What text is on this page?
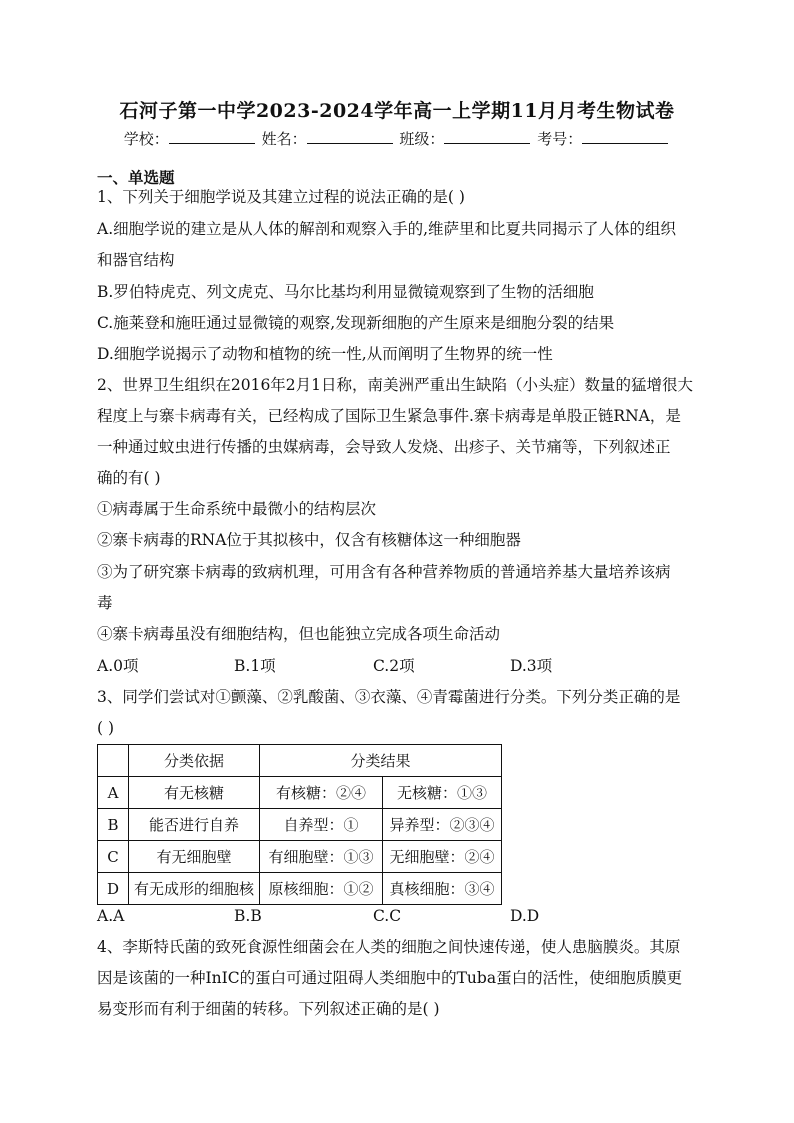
石河子第一中学2023-2024学年高一上学期11月月考生物试卷
学校：	姓名：	班级：	考号：
一、单选题
1、下列关于细胞学说及其建立过程的说法正确的是( )
A.细胞学说的建立是从人体的解剖和观察入手的,维萨里和比夏共同揭示了人体的组织
和器官结构
B.罗伯特虎克、列文虎克、马尔比基均利用显微镜观察到了生物的活细胞
C.施莱登和施旺通过显微镜的观察,发现新细胞的产生原来是细胞分裂的结果
D.细胞学说揭示了动物和植物的统一性,从而阐明了生物界的统一性
2、世界卫生组织在2016年2月1日称，南美洲严重出生缺陷（小头症）数量的猛增很大
程度上与寨卡病毒有关，已经构成了国际卫生紧急事件.寨卡病毒是单股正链RNA，是
一种通过蚊虫进行传播的虫媒病毒，会导致人发烧、出疹子、关节痛等，下列叙述正
确的有( )
①病毒属于生命系统中最微小的结构层次
②寨卡病毒的RNA位于其拟核中，仅含有核糖体这一种细胞器
③为了研究寨卡病毒的致病机理，可用含有各种营养物质的普通培养基大量培养该病
毒
④寨卡病毒虽没有细胞结构，但也能独立完成各项生命活动
A.0项	B.1项	C.2项	D.3项
3、同学们尝试对①颤藻、②乳酸菌、③衣藻、④青霉菌进行分类。下列分类正确的是
( )
	分类依据	分类结果	
A	有无核糖	有核糖：②④	无核糖：①③
B	能否进行自养	自养型：①	异养型：②③④
C	有无细胞壁	有细胞壁：①③	无细胞壁：②④
D	有无成形的细胞核	原核细胞：①②	真核细胞：③④
A.A	B.B	C.C	D.D
4、李斯特氏菌的致死食源性细菌会在人类的细胞之间快速传递，使人患脑膜炎。其原
因是该菌的一种InIC的蛋白可通过阻碍人类细胞中的Tuba蛋白的活性，使细胞质膜更
易变形而有利于细菌的转移。下列叙述正确的是( )
